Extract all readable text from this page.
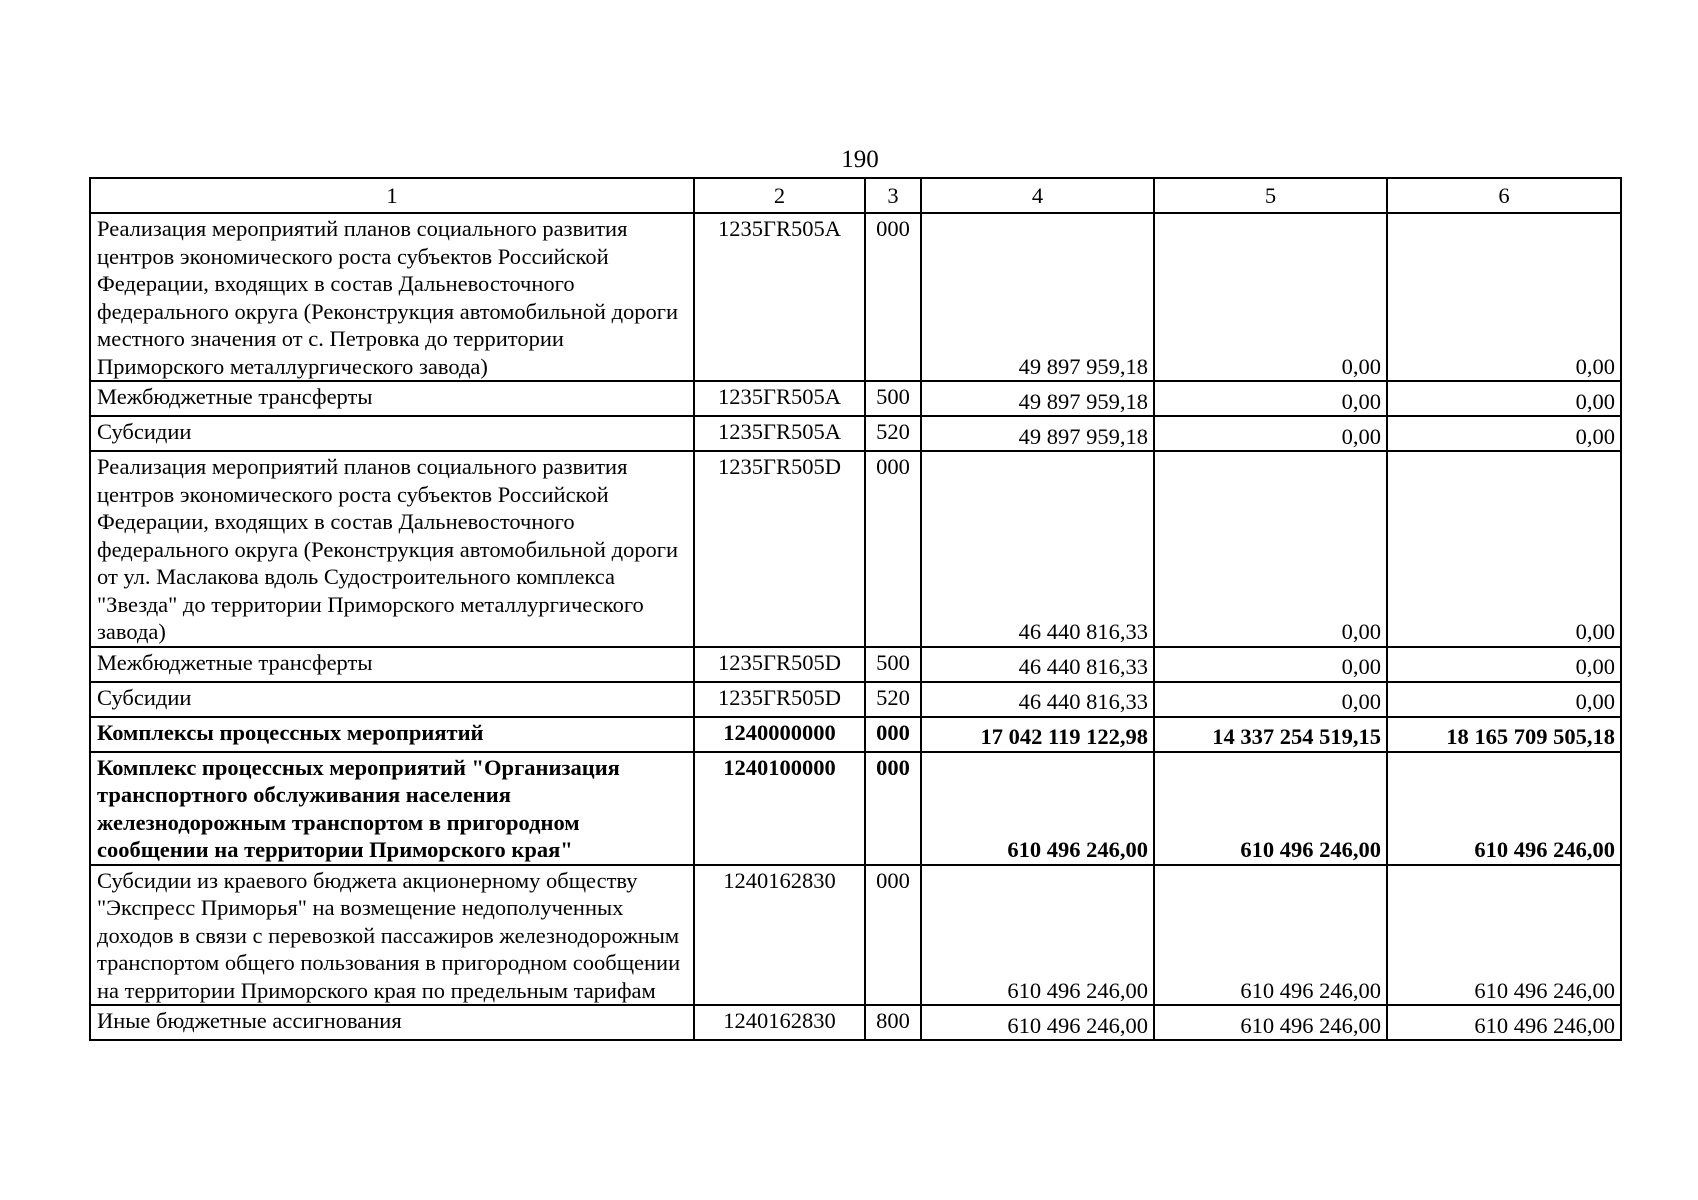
190
1	2	3	4	5	6
Реализация мероприятий планов социального развития центров экономического роста субъектов Российской Федерации, входящих в состав Дальневосточного федерального округа (Реконструкция автомобильной дороги местного значения от с. Петровка до территории Приморского металлургического завода)	1235ГR505А	000	49 897 959,18	0,00	0,00
Межбюджетные трансферты	1235ГR505А	500	49 897 959,18	0,00	0,00
Субсидии	1235ГR505А	520	49 897 959,18	0,00	0,00
Реализация мероприятий планов социального развития центров экономического роста субъектов Российской Федерации, входящих в состав Дальневосточного федерального округа (Реконструкция автомобильной дороги от ул. Маслакова вдоль Судостроительного комплекса "Звезда" до территории Приморского металлургического завода)	1235ГR505D	000	46 440 816,33	0,00	0,00
Межбюджетные трансферты	1235ГR505D	500	46 440 816,33	0,00	0,00
Субсидии	1235ГR505D	520	46 440 816,33	0,00	0,00
Комплексы процессных мероприятий	1240000000	000	17 042 119 122,98	14 337 254 519,15	18 165 709 505,18
Комплекс процессных мероприятий "Организация транспортного обслуживания населения железнодорожным транспортом в пригородном сообщении на территории Приморского края"	1240100000	000	610 496 246,00	610 496 246,00	610 496 246,00
Субсидии из краевого бюджета акционерному обществу "Экспресс Приморья" на возмещение недополученных доходов в связи с перевозкой пассажиров железнодорожным транспортом общего пользования в пригородном сообщении на территории Приморского края по предельным тарифам	1240162830	000	610 496 246,00	610 496 246,00	610 496 246,00
Иные бюджетные ассигнования	1240162830	800	610 496 246,00	610 496 246,00	610 496 246,00
